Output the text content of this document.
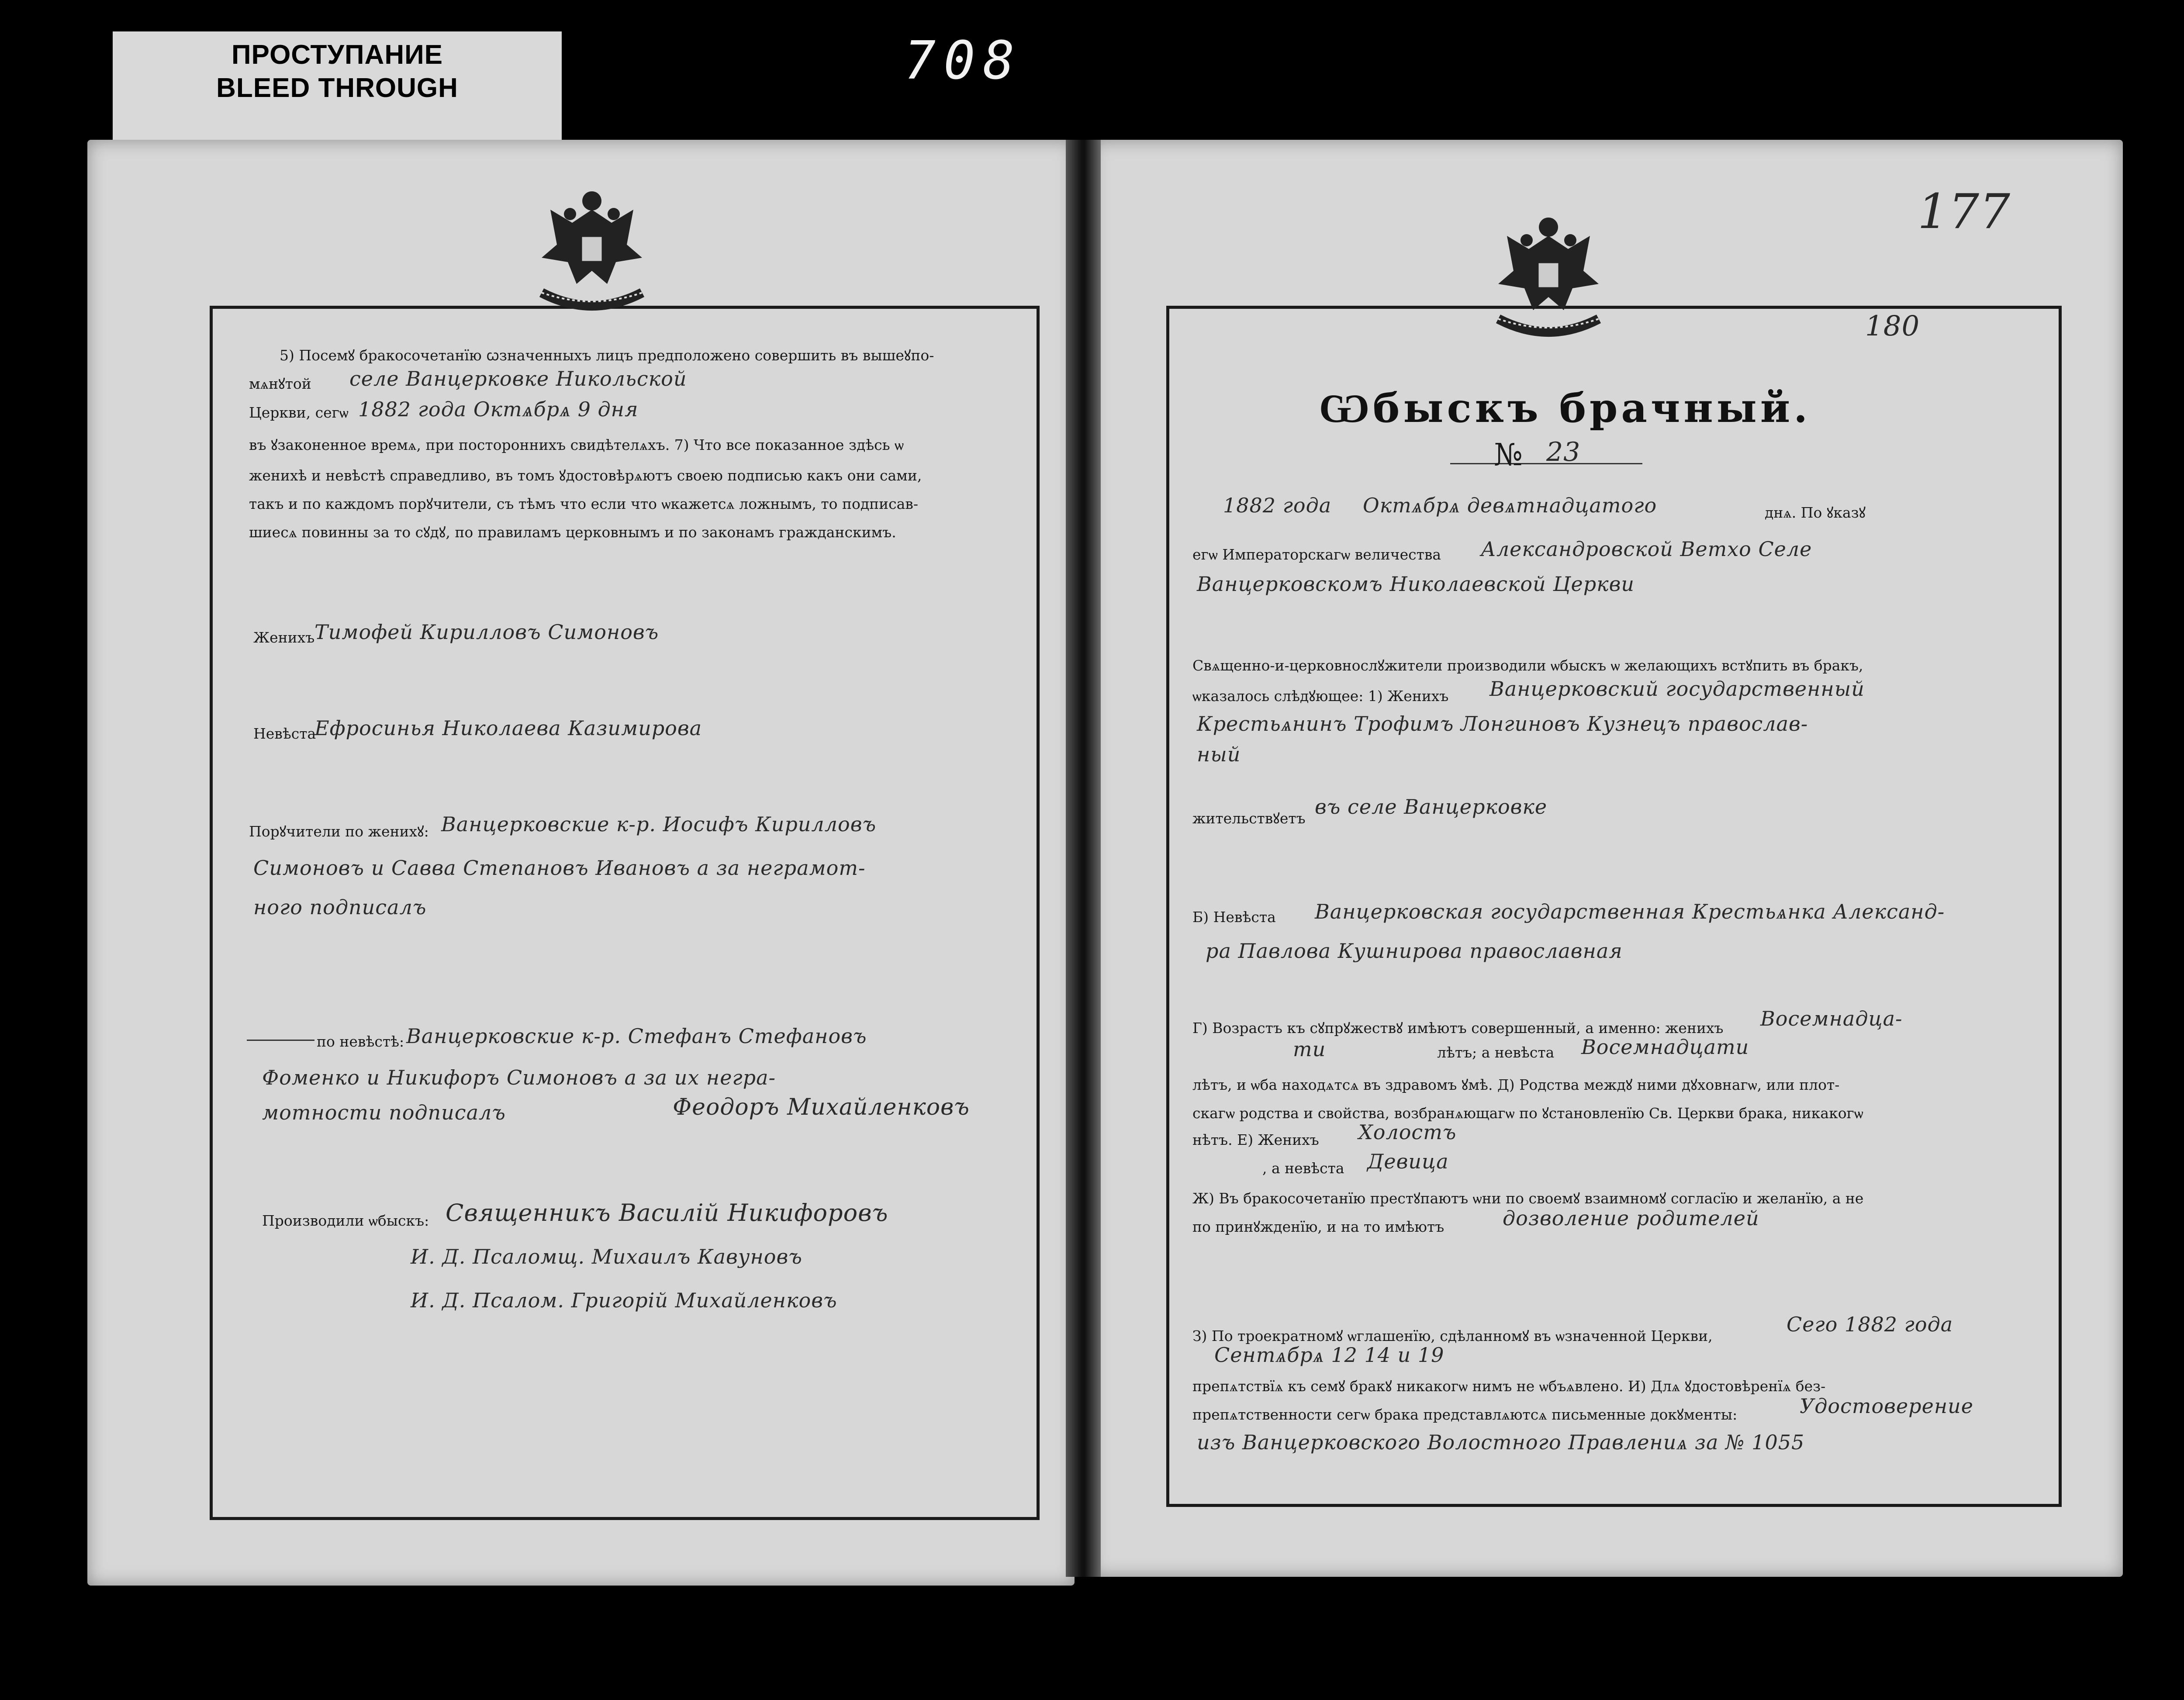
ПРОСТУПАНИЕ
BLEED THROUGH	708
5) Посемꙋ бракосочетанїю ꙍзначенныхъ лицъ предположено совершить въ вышеꙋпо-
мѧнꙋтой селе Ванцерковке Никольской
Церкви, сегѡ 1882 года Октѧбрѧ 9 дня
въ ꙋзаконенное времѧ, при постороннихъ свидѣтелѧхъ. 7) Что все показанное здѣсь ѡ
женихѣ и невѣстѣ справедливо, въ томъ ꙋдостовѣрѧютъ своею подписью какъ они сами,
такъ и по каждомъ порꙋчители, съ тѣмъ что если что ѡкажетсѧ ложнымъ, то подписав-
шиесѧ повинны за то сꙋдꙋ, по правиламъ церковнымъ и по законамъ гражданскимъ.
Женихъ Тимофей Кирилловъ Симоновъ
Невѣста
Ефросинья Николаева Казимирова
Порꙋчители по женихꙋ: Ванцерковские к-р. Иосифъ Кирилловъ
Симоновъ и Савва Степановъ Ивановъ а за неграмот-
ного подписалъ
по невѣстѣ: Ванцерковские к-р. Стефанъ Стефановъ
Фоменко и Никифоръ Симоновъ а за их негра-
мотности подписалъ	Феодоръ Михайленковъ
Производили ѡбыскъ: Священникъ Василій Никифоровъ
И. Д. Псаломщ. Михаилъ Кавуновъ
И. Д. Псалом. Григорій Михайленковъ
177
180
Ѡбыскъ брачный.
№ 23
1882 года Октѧбрѧ девѧтнадцатого	днѧ. По ꙋказꙋ
егѡ Императорскагѡ величества Александровской Ветхо Селе
Ванцерковскомъ Николаевской Церкви
Свѧщенно-и-церковнослꙋжители производили ѡбыскъ ѡ желающихъ встꙋпить въ бракъ,
ѡказалось слѣдꙋющее: 1) Женихъ Ванцерковский государственный
Крестьѧнинъ Трофимъ Лонгиновъ Кузнецъ православ-
ный
жительствꙋетъ въ селе Ванцерковке
Б) Невѣста Ванцерковская государственная Крестьѧнка Александ-
ра Павлова Кушнирова православная
Г) Возрастъ къ сꙋпрꙋжествꙋ имѣютъ совершенный, а именно: женихъ Восемнадца-
ти	лѣтъ; а невѣста Восемнадцати
лѣтъ, и ѡба находѧтсѧ въ здравомъ ꙋмѣ. Д) Родства междꙋ ними дꙋховнагѡ, или плот-
скагѡ родства и свойства, возбранѧющагѡ по ꙋстановленїю Св. Церкви брака, никакогѡ
нѣтъ. Е) Женихъ Холостъ
, а невѣста Девица
Ж) Въ бракосочетанїю престꙋпаютъ ѡни по своемꙋ взаимномꙋ согласїю и желанїю, а не
по принꙋжденїю, и на то имѣютъ	дозволение родителей
З) По троекратномꙋ ѡглашенїю, сдѣланномꙋ въ ѡзначенной Церкви,	Сего 1882 года
Сентѧбрѧ 12 14 и 19
препѧтствїѧ къ семꙋ бракꙋ никакогѡ нимъ не ѡбъѧвлено. И) Длѧ ꙋдостовѣренїѧ без-
препѧтственности сегѡ брака представлѧютсѧ письменные докꙋменты:	Удостоверение
изъ Ванцерковского Волостного Правлениѧ за № 1055
